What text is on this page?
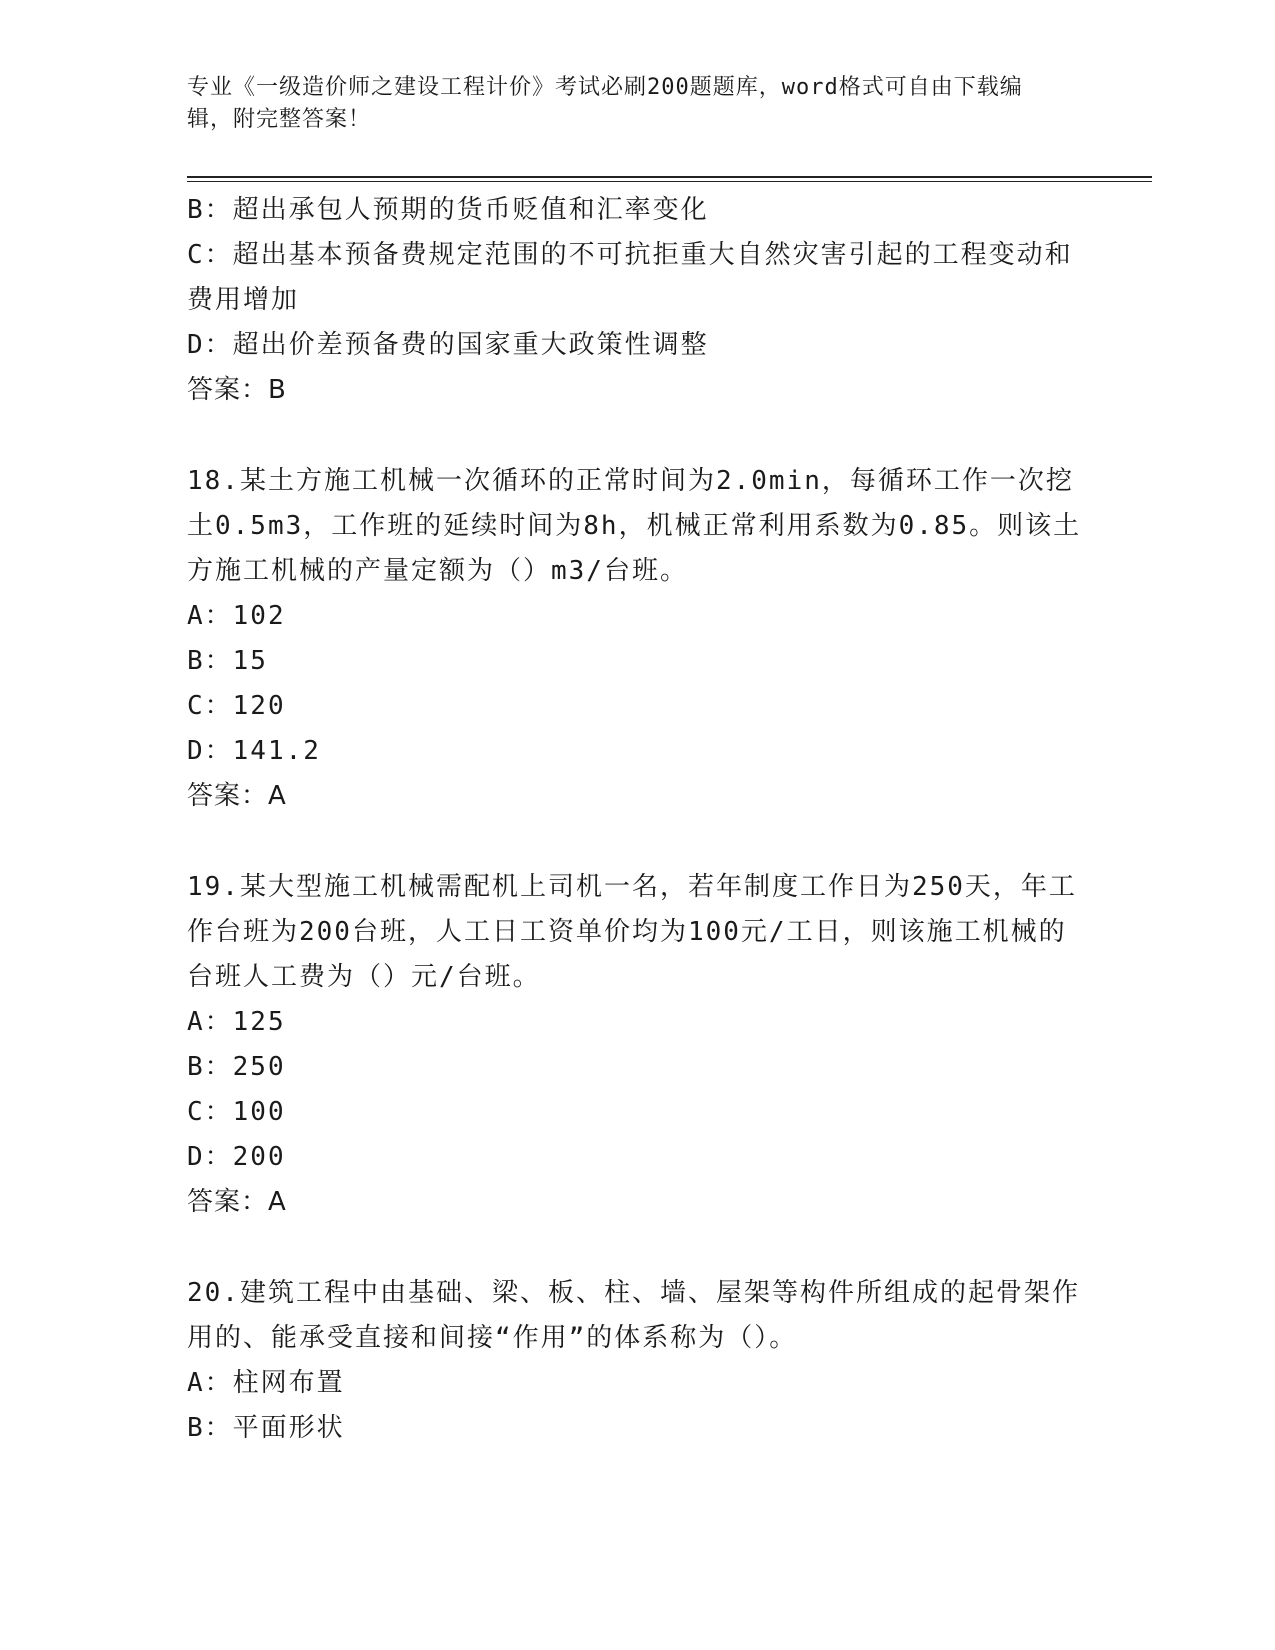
专业《一级造价师之建设工程计价》考试必刷200题题库，word格式可自由下载编辑，附完整答案！
B：超出承包人预期的货币贬值和汇率变化
C：超出基本预备费规定范围的不可抗拒重大自然灾害引起的工程变动和费用增加
D：超出价差预备费的国家重大政策性调整
答案：B
18.某土方施工机械一次循环的正常时间为2.0min，每循环工作一次挖土0.5m3，工作班的延续时间为8h，机械正常利用系数为0.85。则该土方施工机械的产量定额为（）m3/台班。
A：102
B：15
C：120
D：141.2
答案：A
19.某大型施工机械需配机上司机一名，若年制度工作日为250天，年工作台班为200台班，人工日工资单价均为100元/工日，则该施工机械的台班人工费为（）元/台班。
A：125
B：250
C：100
D：200
答案：A
20.建筑工程中由基础、梁、板、柱、墙、屋架等构件所组成的起骨架作用的、能承受直接和间接“作用”的体系称为（）。
A：柱网布置
B：平面形状
